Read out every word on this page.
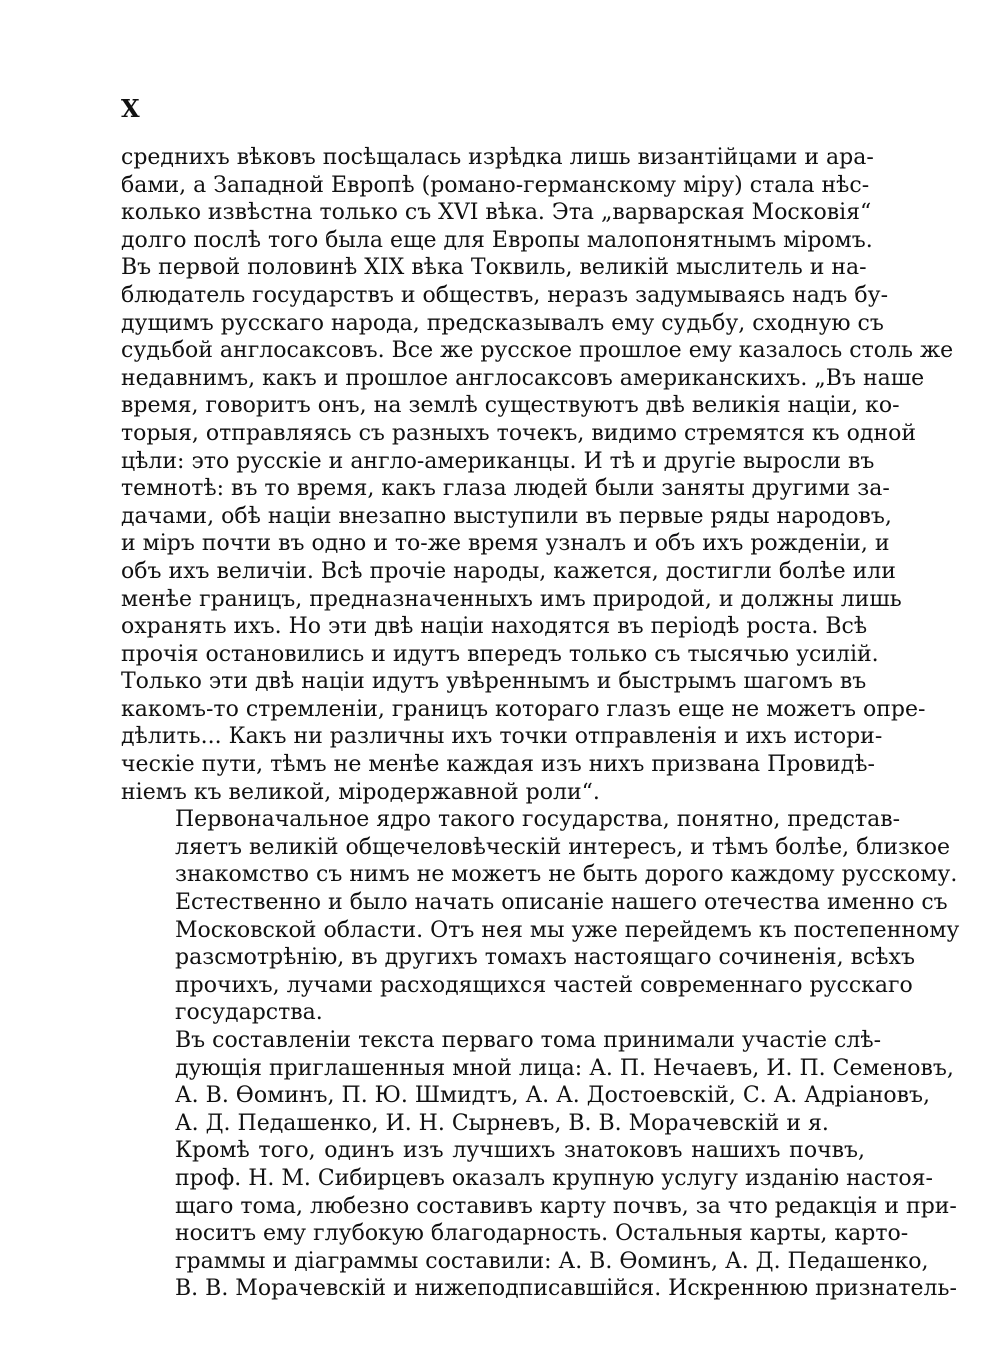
X

среднихъ вѣковъ посѣщалась изрѣдка лишь византійцами и ара-
бами, а Западной Европѣ (романо-германскому міру) стала нѣс-
колько извѣстна только съ XVI вѣка. Эта „варварская Московія“
долго послѣ того была еще для Европы малопонятнымъ міромъ.
Въ первой половинѣ XIX вѣка Токвиль, великій мыслитель и на-
блюдатель государствъ и обществъ, неразъ задумываясь надъ бу-
дущимъ русскаго народа, предсказывалъ ему судьбу, сходную съ
судьбой англосаксовъ. Все же русское прошлое ему казалось столь же
недавнимъ, какъ и прошлое англосаксовъ американскихъ. „Въ наше
время, говоритъ онъ, на землѣ существуютъ двѣ великія націи, ко-
торыя, отправляясь съ разныхъ точекъ, видимо стремятся къ одной
цѣли: это русскіе и англо-американцы. И тѣ и другіе выросли въ
темнотѣ: въ то время, какъ глаза людей были заняты другими за-
дачами, обѣ націи внезапно выступили въ первые ряды народовъ,
и міръ почти въ одно и то-же время узналъ и объ ихъ рожденіи, и
объ ихъ величіи. Всѣ прочіе народы, кажется, достигли болѣе или
менѣе границъ, предназначенныхъ имъ природой, и должны лишь
охранять ихъ. Но эти двѣ націи находятся въ періодѣ роста. Всѣ
прочія остановились и идутъ впередъ только съ тысячью усилій.
Только эти двѣ націи идутъ увѣреннымъ и быстрымъ шагомъ въ
какомъ-то стремленіи, границъ котораго глазъ еще не можетъ опре-
дѣлить... Какъ ни различны ихъ точки отправленія и ихъ истори-
ческіе пути, тѣмъ не менѣе каждая изъ нихъ призвана Провидѣ-
ніемъ къ великой, міродержавной роли“.

Первоначальное ядро такого государства, понятно, представ-
ляетъ великій общечеловѣческій интересъ, и тѣмъ болѣе, близкое
знакомство съ нимъ не можетъ не быть дорого каждому русскому.
Естественно и было начать описаніе нашего отечества именно съ
Московской области. Отъ нея мы уже перейдемъ къ постепенному
разсмотрѣнію, въ другихъ томахъ настоящаго сочиненія, всѣхъ
прочихъ, лучами расходящихся частей современнаго русскаго
государства.

Въ составленіи текста перваго тома принимали участіе слѣ-
дующія приглашенныя мной лица: А. П. Нечаевъ, И. П. Семеновъ,
А. В. Ѳоминъ, П. Ю. Шмидтъ, А. А. Достоевскій, С. А. Адріановъ,
А. Д. Педашенко, И. Н. Сырневъ, В. В. Морачевскій и я.

Кромѣ того, одинъ изъ лучшихъ знатоковъ нашихъ почвъ,
проф. Н. М. Сибирцевъ оказалъ крупную услугу изданію настоя-
щаго тома, любезно составивъ карту почвъ, за что редакція и при-
носитъ ему глубокую благодарность. Остальныя карты, карто-
граммы и діаграммы составили: А. В. Ѳоминъ, А. Д. Педашенко,
В. В. Морачевскій и нижеподписавшійся. Искреннюю признатель-
